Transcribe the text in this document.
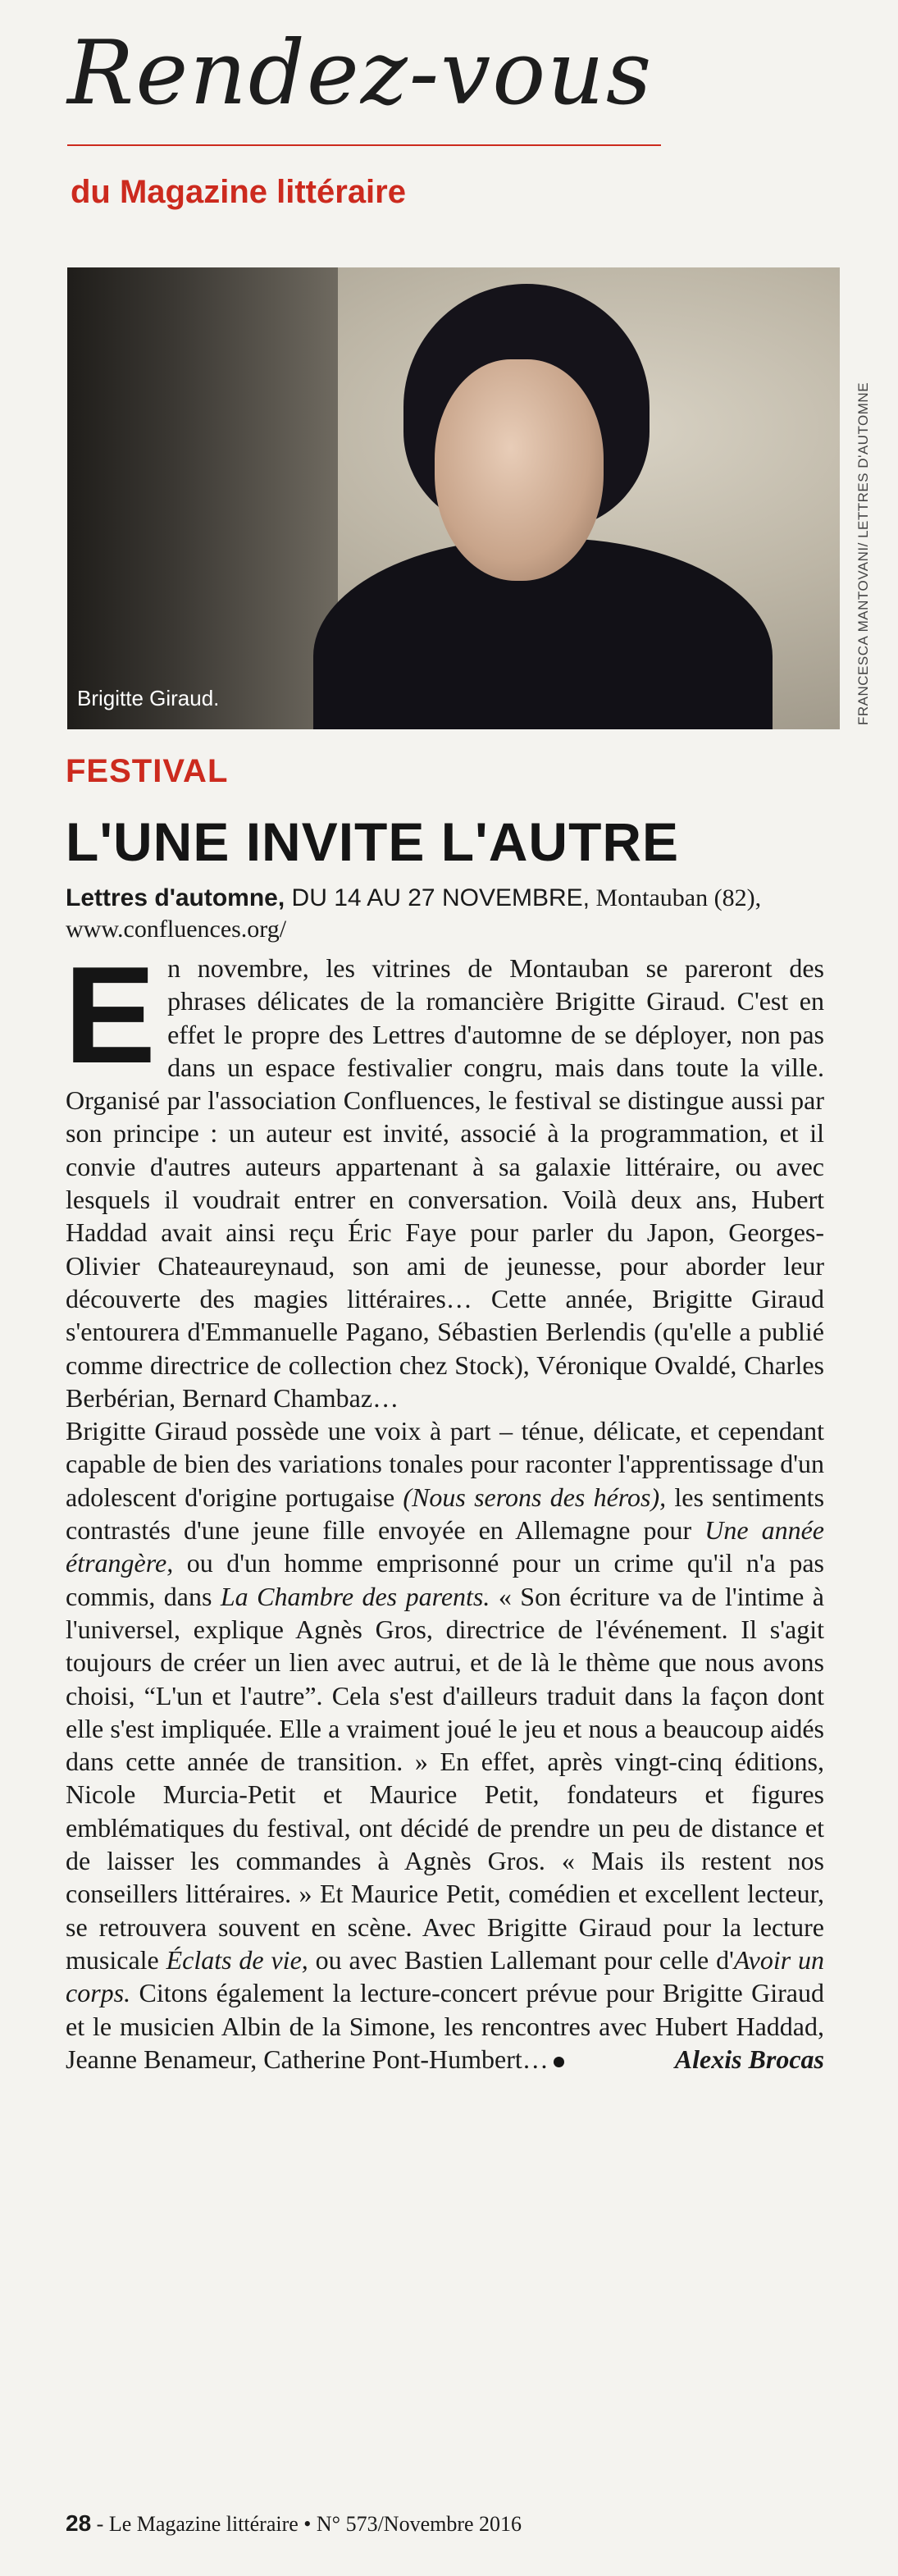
Rendez-vous
du Magazine littéraire
Brigitte Giraud.	FRANCESCA MANTOVANI/ LETTRES D'AUTOMNE
FESTIVAL
L'UNE INVITE L'AUTRE
Lettres d'automne, DU 14 AU 27 NOVEMBRE, Montauban (82), www.confluences.org/

En novembre, les vitrines de Montauban se pareront des phrases délicates de la romancière Brigitte Giraud. C'est en effet le propre des Lettres d'automne de se déployer, non pas dans un espace festivalier congru, mais dans toute la ville. Organisé par l'association Confluences, le festival se distingue aussi par son principe : un auteur est invité, associé à la programmation, et il convie d'autres auteurs appartenant à sa galaxie littéraire, ou avec lesquels il voudrait entrer en conversation. Voilà deux ans, Hubert Haddad avait ainsi reçu Éric Faye pour parler du Japon, Georges-Olivier Chateaureynaud, son ami de jeunesse, pour aborder leur découverte des magies littéraires… Cette année, Brigitte Giraud s'entourera d'Emmanuelle Pagano, Sébastien Berlendis (qu'elle a publié comme directrice de collection chez Stock), Véronique Ovaldé, Charles Berbérian, Bernard Chambaz…

Brigitte Giraud possède une voix à part – ténue, délicate, et cependant capable de bien des variations tonales pour raconter l'apprentissage d'un adolescent d'origine portugaise (Nous serons des héros), les sentiments contrastés d'une jeune fille envoyée en Allemagne pour Une année étrangère, ou d'un homme emprisonné pour un crime qu'il n'a pas commis, dans La Chambre des parents. « Son écriture va de l'intime à l'universel, explique Agnès Gros, directrice de l'événement. Il s'agit toujours de créer un lien avec autrui, et de là le thème que nous avons choisi, “L'un et l'autre”. Cela s'est d'ailleurs traduit dans la façon dont elle s'est impliquée. Elle a vraiment joué le jeu et nous a beaucoup aidés dans cette année de transition. » En effet, après vingt-cinq éditions, Nicole Murcia-Petit et Maurice Petit, fondateurs et figures emblématiques du festival, ont décidé de prendre un peu de distance et de laisser les commandes à Agnès Gros. « Mais ils restent nos conseillers littéraires. » Et Maurice Petit, comédien et excellent lecteur, se retrouvera souvent en scène. Avec Brigitte Giraud pour la lecture musicale Éclats de vie, ou avec Bastien Lallemant pour celle d'Avoir un corps. Citons également la lecture-concert prévue pour Brigitte Giraud et le musicien Albin de la Simone, les rencontres avec Hubert Haddad, Jeanne Benameur, Catherine Pont-Humbert…	Alexis Brocas

28 - Le Magazine littéraire • N° 573/Novembre 2016
